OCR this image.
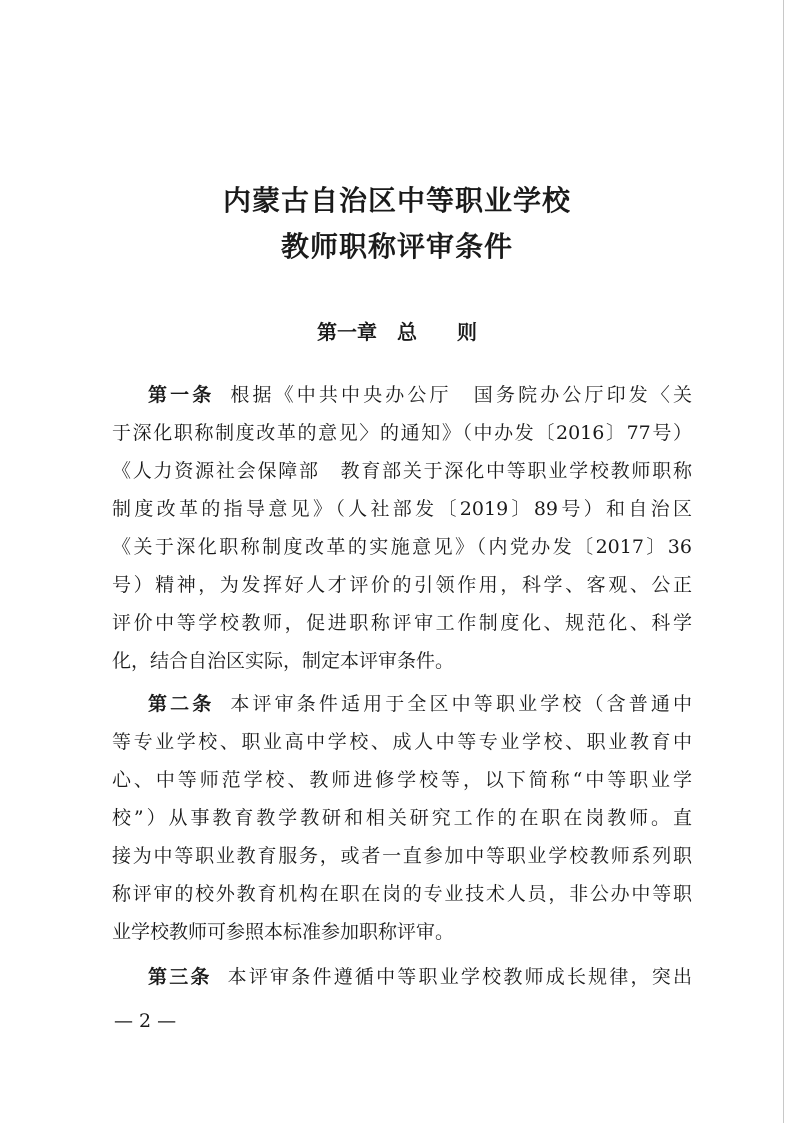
内蒙古自治区中等职业学校
教师职称评审条件
第一章　总　　则
第一条 根据《中共中央办公厅　国务院办公厅印发〈关
于深化职称制度改革的意见〉的通知》（中办发〔2016〕77号）
《人力资源社会保障部　教育部关于深化中等职业学校教师职称
制度改革的指导意见》（人社部发〔2019〕89号）和自治区
《关于深化职称制度改革的实施意见》（内党办发〔2017〕36
号）精神，为发挥好人才评价的引领作用，科学、客观、公正
评价中等学校教师，促进职称评审工作制度化、规范化、科学
化，结合自治区实际，制定本评审条件。
第二条 本评审条件适用于全区中等职业学校（含普通中
等专业学校、职业高中学校、成人中等专业学校、职业教育中
心、中等师范学校、教师进修学校等，以下简称“中等职业学
校”）从事教育教学教研和相关研究工作的在职在岗教师。直
接为中等职业教育服务，或者一直参加中等职业学校教师系列职
称评审的校外教育机构在职在岗的专业技术人员，非公办中等职
业学校教师可参照本标准参加职称评审。
第三条 本评审条件遵循中等职业学校教师成长规律，突出
— 2 —
